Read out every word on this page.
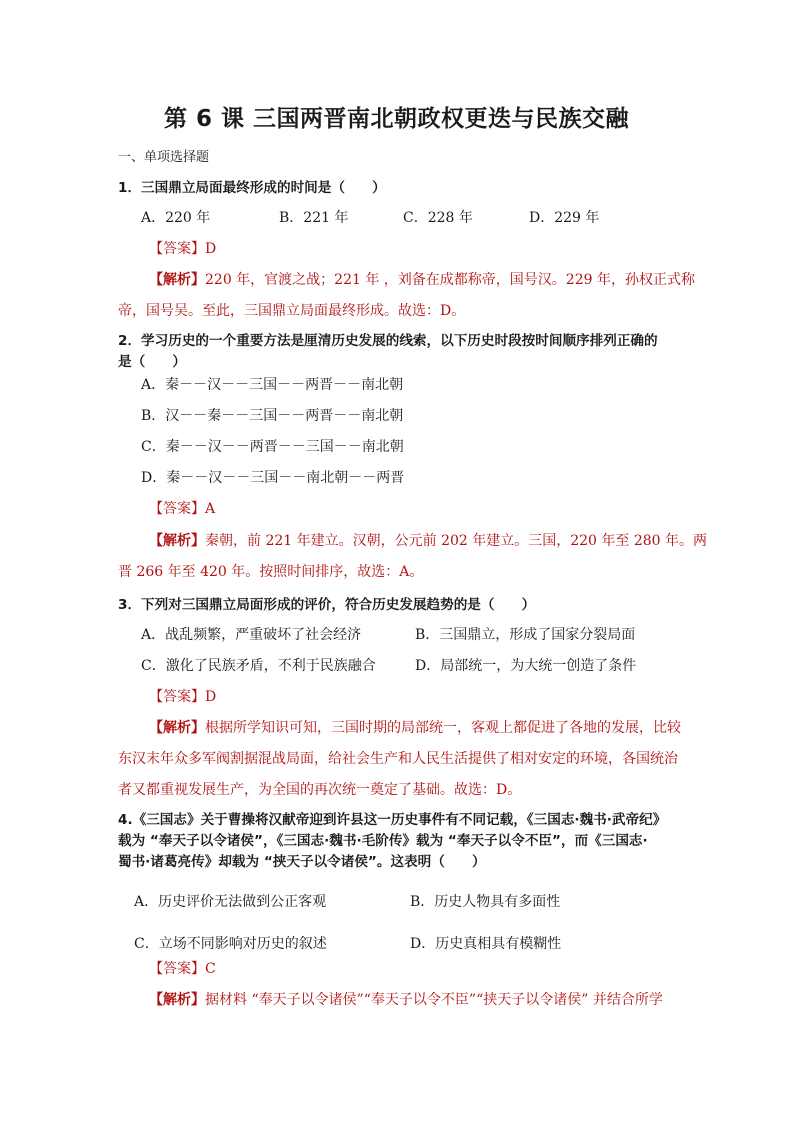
第 6 课 三国两晋南北朝政权更迭与民族交融
一、单项选择题
1．三国鼎立局面最终形成的时间是（　　）
A．220 年	B．221 年	C．228 年	D．229 年
【答案】D
【解析】220 年，官渡之战；221 年 ，刘备在成都称帝，国号汉。229 年，孙权正式称
帝，国号吴。至此，三国鼎立局面最终形成。故选：D。
2．学习历史的一个重要方法是厘清历史发展的线索，以下历史时段按时间顺序排列正确的
是（　　）
A．秦－－汉－－三国－－两晋－－南北朝
B．汉－－秦－－三国－－两晋－－南北朝
C．秦－－汉－－两晋－－三国－－南北朝
D．秦－－汉－－三国－－南北朝－－两晋
【答案】A
【解析】秦朝，前 221 年建立。汉朝，公元前 202 年建立。三国，220 年至 280 年。两
晋 266 年至 420 年。按照时间排序，故选：A。
3．下列对三国鼎立局面形成的评价，符合历史发展趋势的是（　　）
A．战乱频繁，严重破坏了社会经济	B．三国鼎立，形成了国家分裂局面
C．激化了民族矛盾，不利于民族融合	D．局部统一，为大统一创造了条件
【答案】D
【解析】根据所学知识可知，三国时期的局部统一，客观上都促进了各地的发展，比较
东汉末年众多军阀割据混战局面，给社会生产和人民生活提供了相对安定的环境，各国统治
者又都重视发展生产，为全国的再次统一奠定了基础。故选：D。
4.《三国志》关于曹操将汉献帝迎到许县这一历史事件有不同记载，《三国志·魏书·武帝纪》
载为 “奉天子以令诸侯”，《三国志·魏书·毛阶传》载为 “奉天子以令不臣”，而《三国志·
蜀书·诸葛亮传》却载为 “挟天子以令诸侯”。这表明（　　）
A．历史评价无法做到公正客观	B．历史人物具有多面性
C．立场不同影响对历史的叙述	D．历史真相具有模糊性
【答案】C
【解析】据材料 “奉天子以令诸侯”“奉天子以令不臣”“挟天子以令诸侯” 并结合所学
